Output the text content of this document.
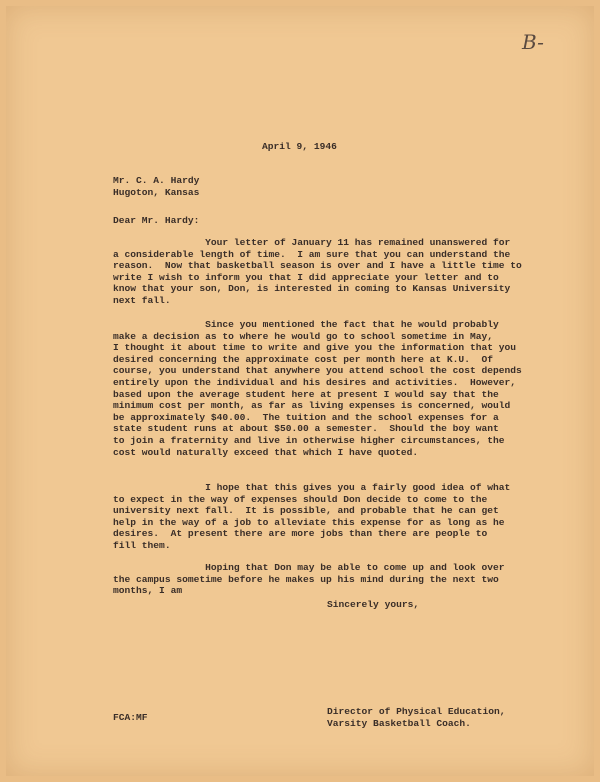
B-
April 9, 1946
Mr. C. A. Hardy
Hugoton, Kansas
Dear Mr. Hardy:
Your letter of January 11 has remained unanswered for
a considerable length of time.  I am sure that you can understand the
reason.  Now that basketball season is over and I have a little time to
write I wish to inform you that I did appreciate your letter and to
know that your son, Don, is interested in coming to Kansas University
next fall.
Since you mentioned the fact that he would probably
make a decision as to where he would go to school sometime in May,
I thought it about time to write and give you the information that you
desired concerning the approximate cost per month here at K.U.  Of
course, you understand that anywhere you attend school the cost depends
entirely upon the individual and his desires and activities.  However,
based upon the average student here at present I would say that the
minimum cost per month, as far as living expenses is concerned, would
be approximately $40.00.  The tuition and the school expenses for a
state student runs at about $50.00 a semester.  Should the boy want
to join a fraternity and live in otherwise higher circumstances, the
cost would naturally exceed that which I have quoted.
I hope that this gives you a fairly good idea of what
to expect in the way of expenses should Don decide to come to the
university next fall.  It is possible, and probable that he can get
help in the way of a job to alleviate this expense for as long as he
desires.  At present there are more jobs than there are people to
fill them.
Hoping that Don may be able to come up and look over
the campus sometime before he makes up his mind during the next two
months, I am
Sincerely yours,
Director of Physical Education,
Varsity Basketball Coach.
FCA:MF
